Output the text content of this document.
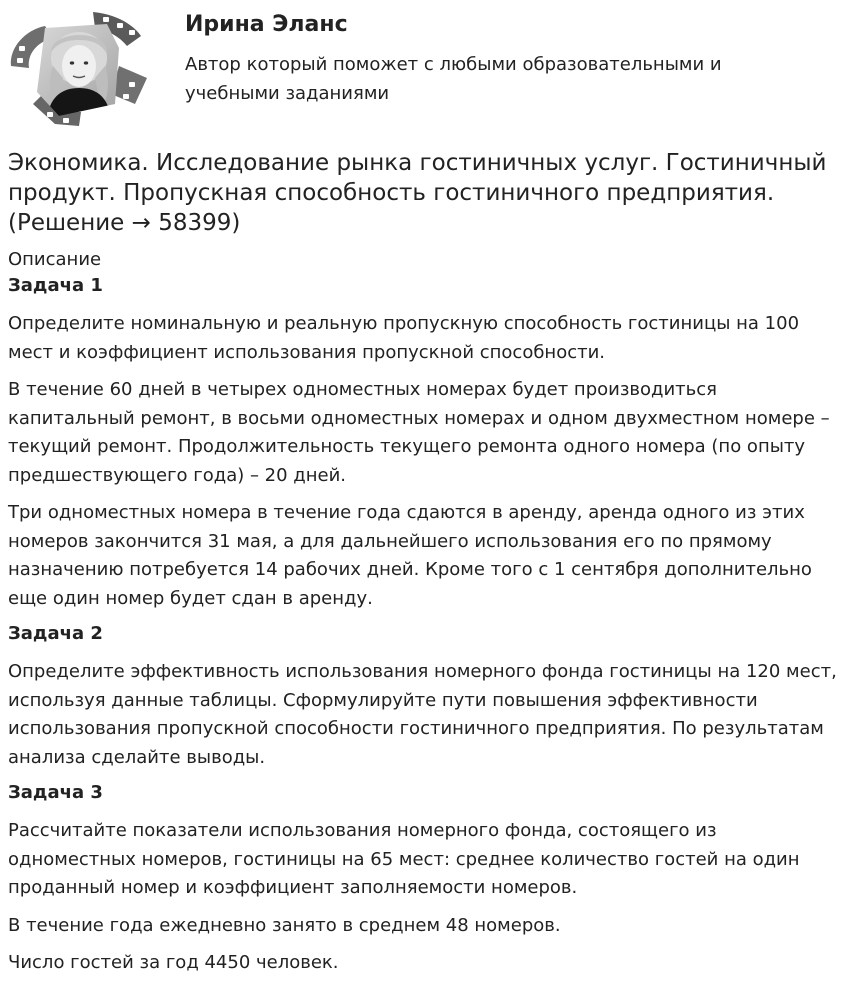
Ирина Эланс
Автор который поможет с любыми образовательными и учебными заданиями
Экономика. Исследование рынка гостиничных услуг. Гостиничный продукт. Пропускная способность гостиничного предприятия. (Решение → 58399)
Описание
Задача 1

Определите номинальную и реальную пропускную способность гостиницы на 100 мест и коэффициент использования пропускной способности.

В течение 60 дней в четырех одноместных номерах будет производиться капитальный ремонт, в восьми одноместных номерах и одном двухместном номере – текущий ремонт. Продолжительность текущего ремонта одного номера (по опыту предшествующего года) – 20 дней.

Три одноместных номера в течение года сдаются в аренду, аренда одного из этих номеров закончится 31 мая, а для дальнейшего использования его по прямому назначению потребуется 14 рабочих дней. Кроме того с 1 сентября дополнительно еще один номер будет сдан в аренду.

Задача 2

Определите эффективность использования номерного фонда гостиницы на 120 мест, используя данные таблицы. Сформулируйте пути повышения эффективности использования пропускной способности гостиничного предприятия. По результатам анализа сделайте выводы.

Задача 3

Рассчитайте показатели использования номерного фонда, состоящего из одноместных номеров, гостиницы на 65 мест: среднее количество гостей на один проданный номер и коэффициент заполняемости номеров.

В течение года ежедневно занято в среднем 48 номеров.

Число гостей за год 4450 человек.
